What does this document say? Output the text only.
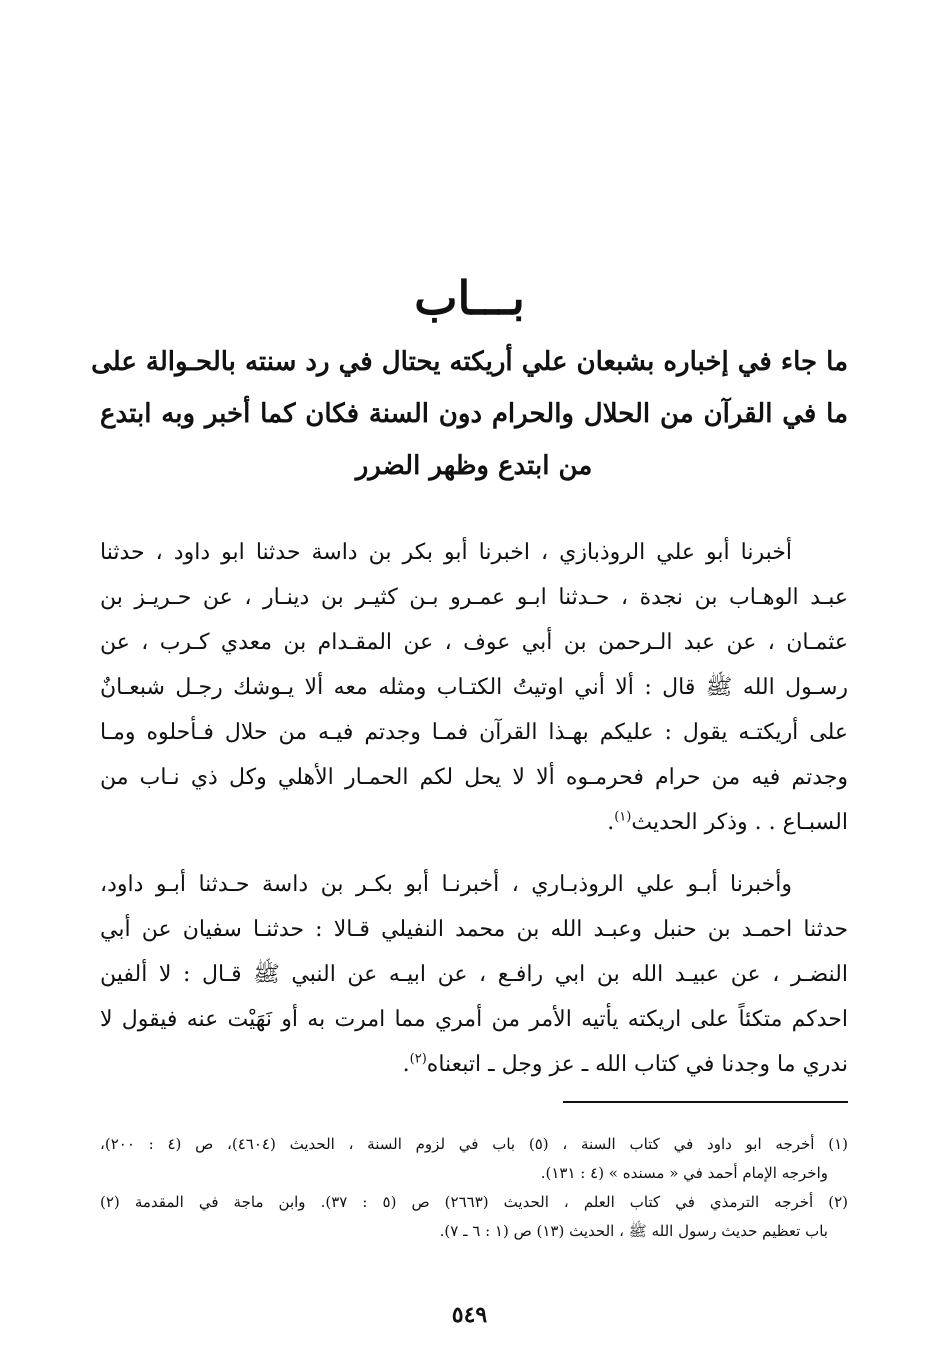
بـــاب
ما جاء في إخباره بشبعان علي أريكته يحتال في رد سنته بالحـوالة على
ما في القرآن من الحلال والحرام دون السنة فكان كما أخبر وبه ابتدع
من ابتدع وظهر الضرر
أخبرنا أبو علي الروذبازي ، اخبرنا أبو بكر بن داسة حدثنا ابو داود ، حدثنا
عبـد الوهـاب بن نجدة ، حـدثنا ابـو عمـرو بـن كثيـر بن دينـار ، عن حـريـز بن
عثمـان ، عن عبد الـرحمن بن أبي عوف ، عن المقـدام بن معدي كـرب ، عن
رسـول الله ﷺ قال : ألا أني اوتيتُ الكتـاب ومثله معه ألا يـوشك رجـل شبعـانٌ
على أريكتـه يقول : عليكم بهـذا القرآن فمـا وجدتم فيـه من حلال فـأحلوه ومـا
وجدتم فيه من حرام فحرمـوه ألا لا يحل لكم الحمـار الأهلي وكل ذي نـاب من
السبـاع . . وذكر الحديث$^{(١)}$.
وأخبرنا أبـو علي الروذبـاري ، أخبرنـا أبو بكـر بن داسة حـدثنا أبـو داود،
حدثنا احمـد بن حنبل وعبـد الله بن محمد النفيلي قـالا : حدثنـا سفيان عن أبي
النضـر ، عن عبيـد الله بن ابي رافـع ، عن ابيـه عن النبي ﷺ قـال : لا ألفين
احدكم متكئاً على اريكته يأتيه الأمر من أمري مما امرت به أو نَهَيْت عنه فيقول لا
ندري ما وجدنا في كتاب الله ـ عز وجل ـ اتبعناه$^{(٢)}$.
(١) أخرجه ابو داود في كتاب السنة ، (٥) باب في لزوم السنة ، الحديث (٤٦٠٤)، ص (٤ : ٢٠٠)،
واخرجه الإمام أحمد في « مسنده » (٤ : ١٣١).
(٢) أخرجه الترمذي في كتاب العلم ، الحديث (٢٦٦٣) ص (٥ : ٣٧). وابن ماجة في المقدمة (٢)
باب تعظيم حديث رسول الله ﷺ ، الحديث (١٣) ص (١ : ٦ ـ ٧).
٥٤٩
